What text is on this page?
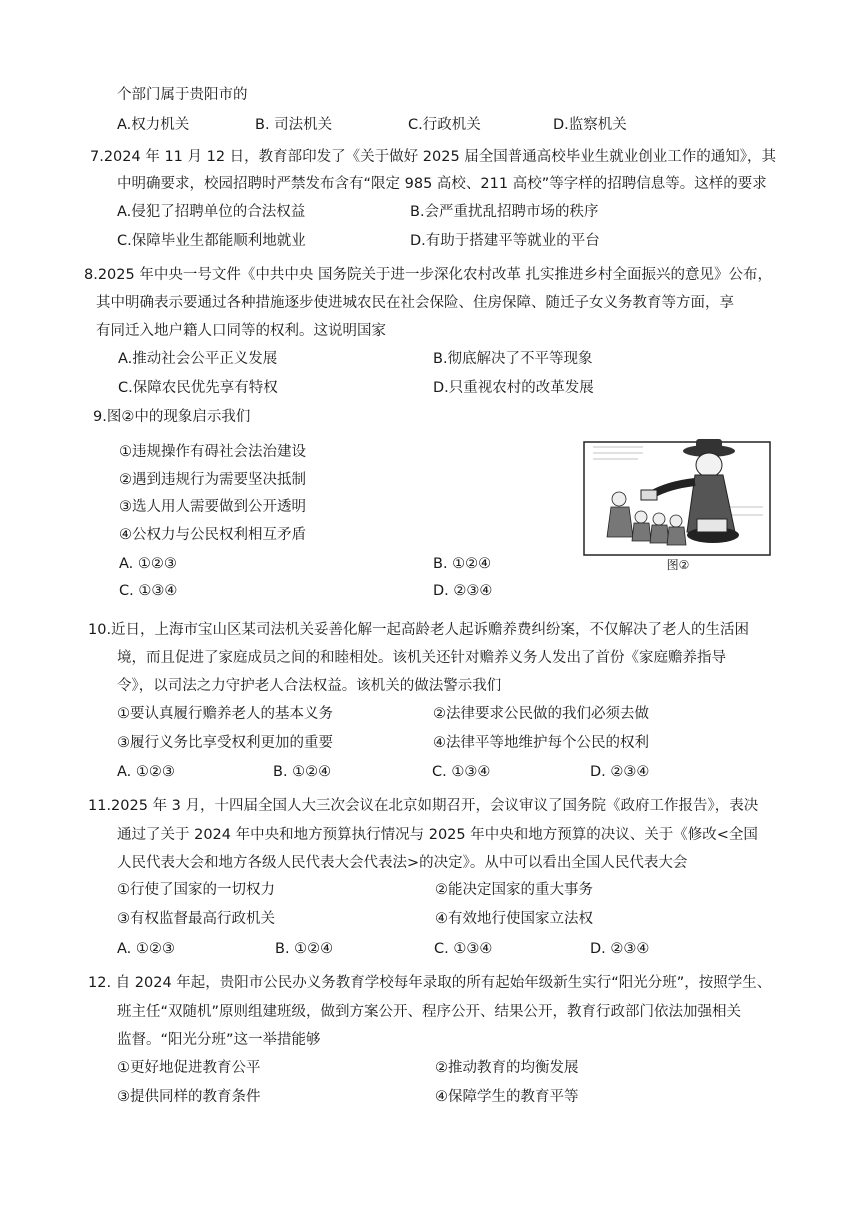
个部门属于贵阳市的
A.权力机关	B. 司法机关	C.行政机关	D.监察机关
7.2024 年 11 月 12 日，教育部印发了《关于做好 2025 届全国普通高校毕业生就业创业工作的通知》，其
中明确要求，校园招聘时严禁发布含有“限定 985 高校、211 高校”等字样的招聘信息等。这样的要求
A.侵犯了招聘单位的合法权益	B.会严重扰乱招聘市场的秩序
C.保障毕业生都能顺利地就业	D.有助于搭建平等就业的平台
8.2025 年中央一号文件《中共中央 国务院关于进一步深化农村改革 扎实推进乡村全面振兴的意见》公布，
其中明确表示要通过各种措施逐步使进城农民在社会保险、住房保障、随迁子女义务教育等方面，享
有同迁入地户籍人口同等的权利。这说明国家
A.推动社会公平正义发展	B.彻底解决了不平等现象
C.保障农民优先享有特权	D.只重视农村的改革发展
9.图②中的现象启示我们
①违规操作有碍社会法治建设
②遇到违规行为需要坚决抵制
③选人用人需要做到公开透明
④公权力与公民权利相互矛盾
A. ①②③	B. ①②④
C. ①③④	D. ②③④
图②
10.近日，上海市宝山区某司法机关妥善化解一起高龄老人起诉赡养费纠纷案，不仅解决了老人的生活困
境，而且促进了家庭成员之间的和睦相处。该机关还针对赡养义务人发出了首份《家庭赡养指导
令》，以司法之力守护老人合法权益。该机关的做法警示我们
①要认真履行赡养老人的基本义务	②法律要求公民做的我们必须去做
③履行义务比享受权利更加的重要	④法律平等地维护每个公民的权利
A. ①②③	B. ①②④	C. ①③④	D. ②③④
11.2025 年 3 月，十四届全国人大三次会议在北京如期召开，会议审议了国务院《政府工作报告》，表决
通过了关于 2024 年中央和地方预算执行情况与 2025 年中央和地方预算的决议、关于《修改<全国
人民代表大会和地方各级人民代表大会代表法>的决定》。从中可以看出全国人民代表大会
①行使了国家的一切权力	②能决定国家的重大事务
③有权监督最高行政机关	④有效地行使国家立法权
A. ①②③	B. ①②④	C. ①③④	D. ②③④
12. 自 2024 年起，贵阳市公民办义务教育学校每年录取的所有起始年级新生实行“阳光分班”，按照学生、
班主任“双随机”原则组建班级，做到方案公开、程序公开、结果公开，教育行政部门依法加强相关
监督。“阳光分班”这一举措能够
①更好地促进教育公平	②推动教育的均衡发展
③提供同样的教育条件	④保障学生的教育平等
